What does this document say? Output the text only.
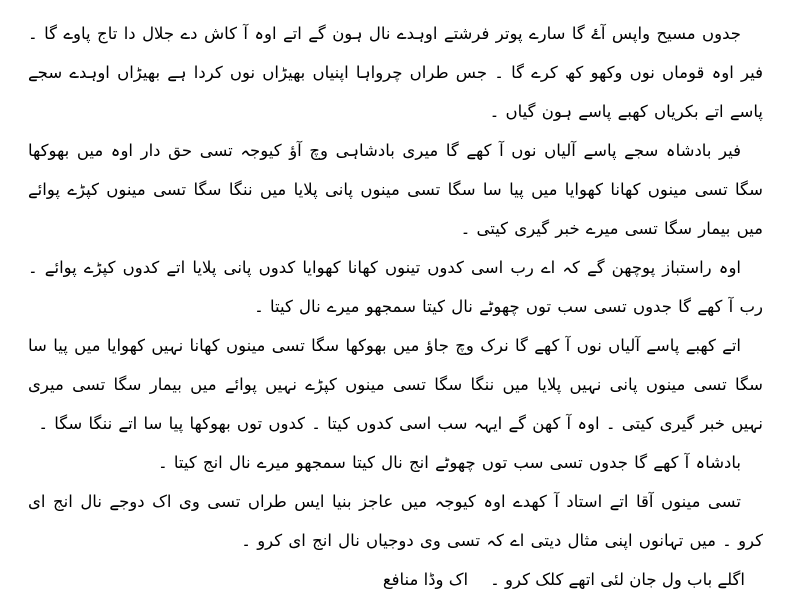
جدوں مسیح واپس آۓ گا سارے پوتر فرشتے اوہدے نال ہون گے اتے اوہ آ کاش دے جلال دا تاج پاوے گا ۔ فیر اوہ قوماں نوں وکھو کھ کرے گا ۔ جس طراں چرواہا اپنیاں بھیڑاں نوں کردا ہے بھیڑاں اوہدے سجے پاسے اتے بکریاں کھبے پاسے ہون گیاں ۔

فیر بادشاہ سجے پاسے آلیاں نوں آ کھے گا میری بادشاہی وچ آؤ کیوجہ تسی حق دار اوہ میں بھوکھا سگا تسی مینوں کھانا کھوایا میں پیا سا سگا تسی مینوں پانی پلایا میں ننگا سگا تسی مینوں کپڑے پوائے میں بیمار سگا تسی میرے خبر گیری کیتی ۔

اوہ راستباز پوچھن گے کہ اے رب اسی کدوں تینوں کھانا کھوایا کدوں پانی پلایا اتے کدوں کپڑے پوائے ۔ رب آ کھے گا جدوں تسی سب توں چھوٹے نال کیتا سمجھو میرے نال کیتا ۔

اتے کھبے پاسے آلیاں نوں آ کھے گا نرک وچ جاؤ میں بھوکھا سگا تسی مینوں کھانا نہیں کھوایا میں پیا سا سگا تسی مینوں پانی نہیں پلایا میں ننگا سگا تسی مینوں کپڑے نہیں پوائے میں بیمار سگا تسی میری نہیں خبر گیری کیتی ۔ اوہ آ کھن گے ایہہ سب اسی کدوں کیتا ۔ کدوں توں بھوکھا پیا سا اتے ننگا سگا ۔

بادشاہ آ کھے گا جدوں تسی سب توں چھوٹے انج نال کیتا سمجھو میرے نال انج کیتا ۔

تسی مینوں آقا اتے استاد آ کھدے اوہ کیوجہ میں عاجز بنیا ایس طراں تسی وی اک دوجے نال انج ای کرو ۔ میں تہانوں اپنی مثال دیتی اے کہ تسی وی دوجیاں نال انج ای کرو ۔

اگلے باب ول جان لئی اتھے کلک کرو ۔
اک وڈا منافع
